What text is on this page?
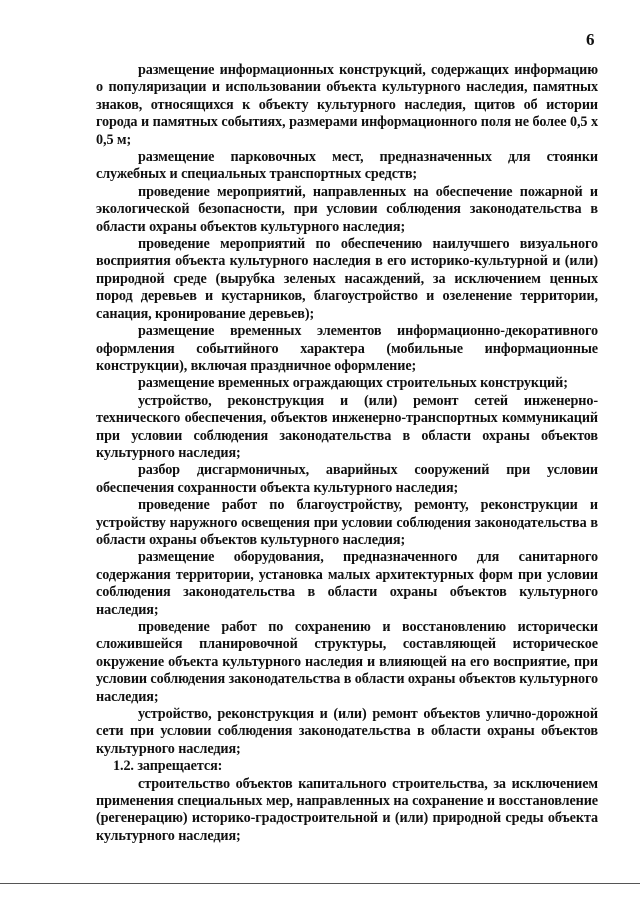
6

размещение информационных конструкций, содержащих информацию о популяризации и использовании объекта культурного наследия, памятных знаков, относящихся к объекту культурного наследия, щитов об истории города и памятных событиях, размерами информационного поля не более 0,5 х 0,5 м;

размещение парковочных мест, предназначенных для стоянки служебных и специальных транспортных средств;

проведение мероприятий, направленных на обеспечение пожарной и экологической безопасности, при условии соблюдения законодательства в области охраны объектов культурного наследия;

проведение мероприятий по обеспечению наилучшего визуального восприятия объекта культурного наследия в его историко-культурной и (или) природной среде (вырубка зеленых насаждений, за исключением ценных пород деревьев и кустарников, благоустройство и озеленение территории, санация, кронирование деревьев);

размещение временных элементов информационно-декоративного оформления событийного характера (мобильные информационные конструкции), включая праздничное оформление;

размещение временных ограждающих строительных конструкций;

устройство, реконструкция и (или) ремонт сетей инженерно-технического обеспечения, объектов инженерно-транспортных коммуникаций при условии соблюдения законодательства в области охраны объектов культурного наследия;

разбор дисгармоничных, аварийных сооружений при условии обеспечения сохранности объекта культурного наследия;

проведение работ по благоустройству, ремонту, реконструкции и устройству наружного освещения при условии соблюдения законодательства в области охраны объектов культурного наследия;

размещение оборудования, предназначенного для санитарного содержания территории, установка малых архитектурных форм при условии соблюдения законодательства в области охраны объектов культурного наследия;

проведение работ по сохранению и восстановлению исторически сложившейся планировочной структуры, составляющей историческое окружение объекта культурного наследия и влияющей на его восприятие, при условии соблюдения законодательства в области охраны объектов культурного наследия;

устройство, реконструкция и (или) ремонт объектов улично-дорожной сети при условии соблюдения законодательства в области охраны объектов культурного наследия;

1.2. запрещается:

строительство объектов капитального строительства, за исключением применения специальных мер, направленных на сохранение и восстановление (регенерацию) историко-градостроительной и (или) природной среды объекта культурного наследия;
